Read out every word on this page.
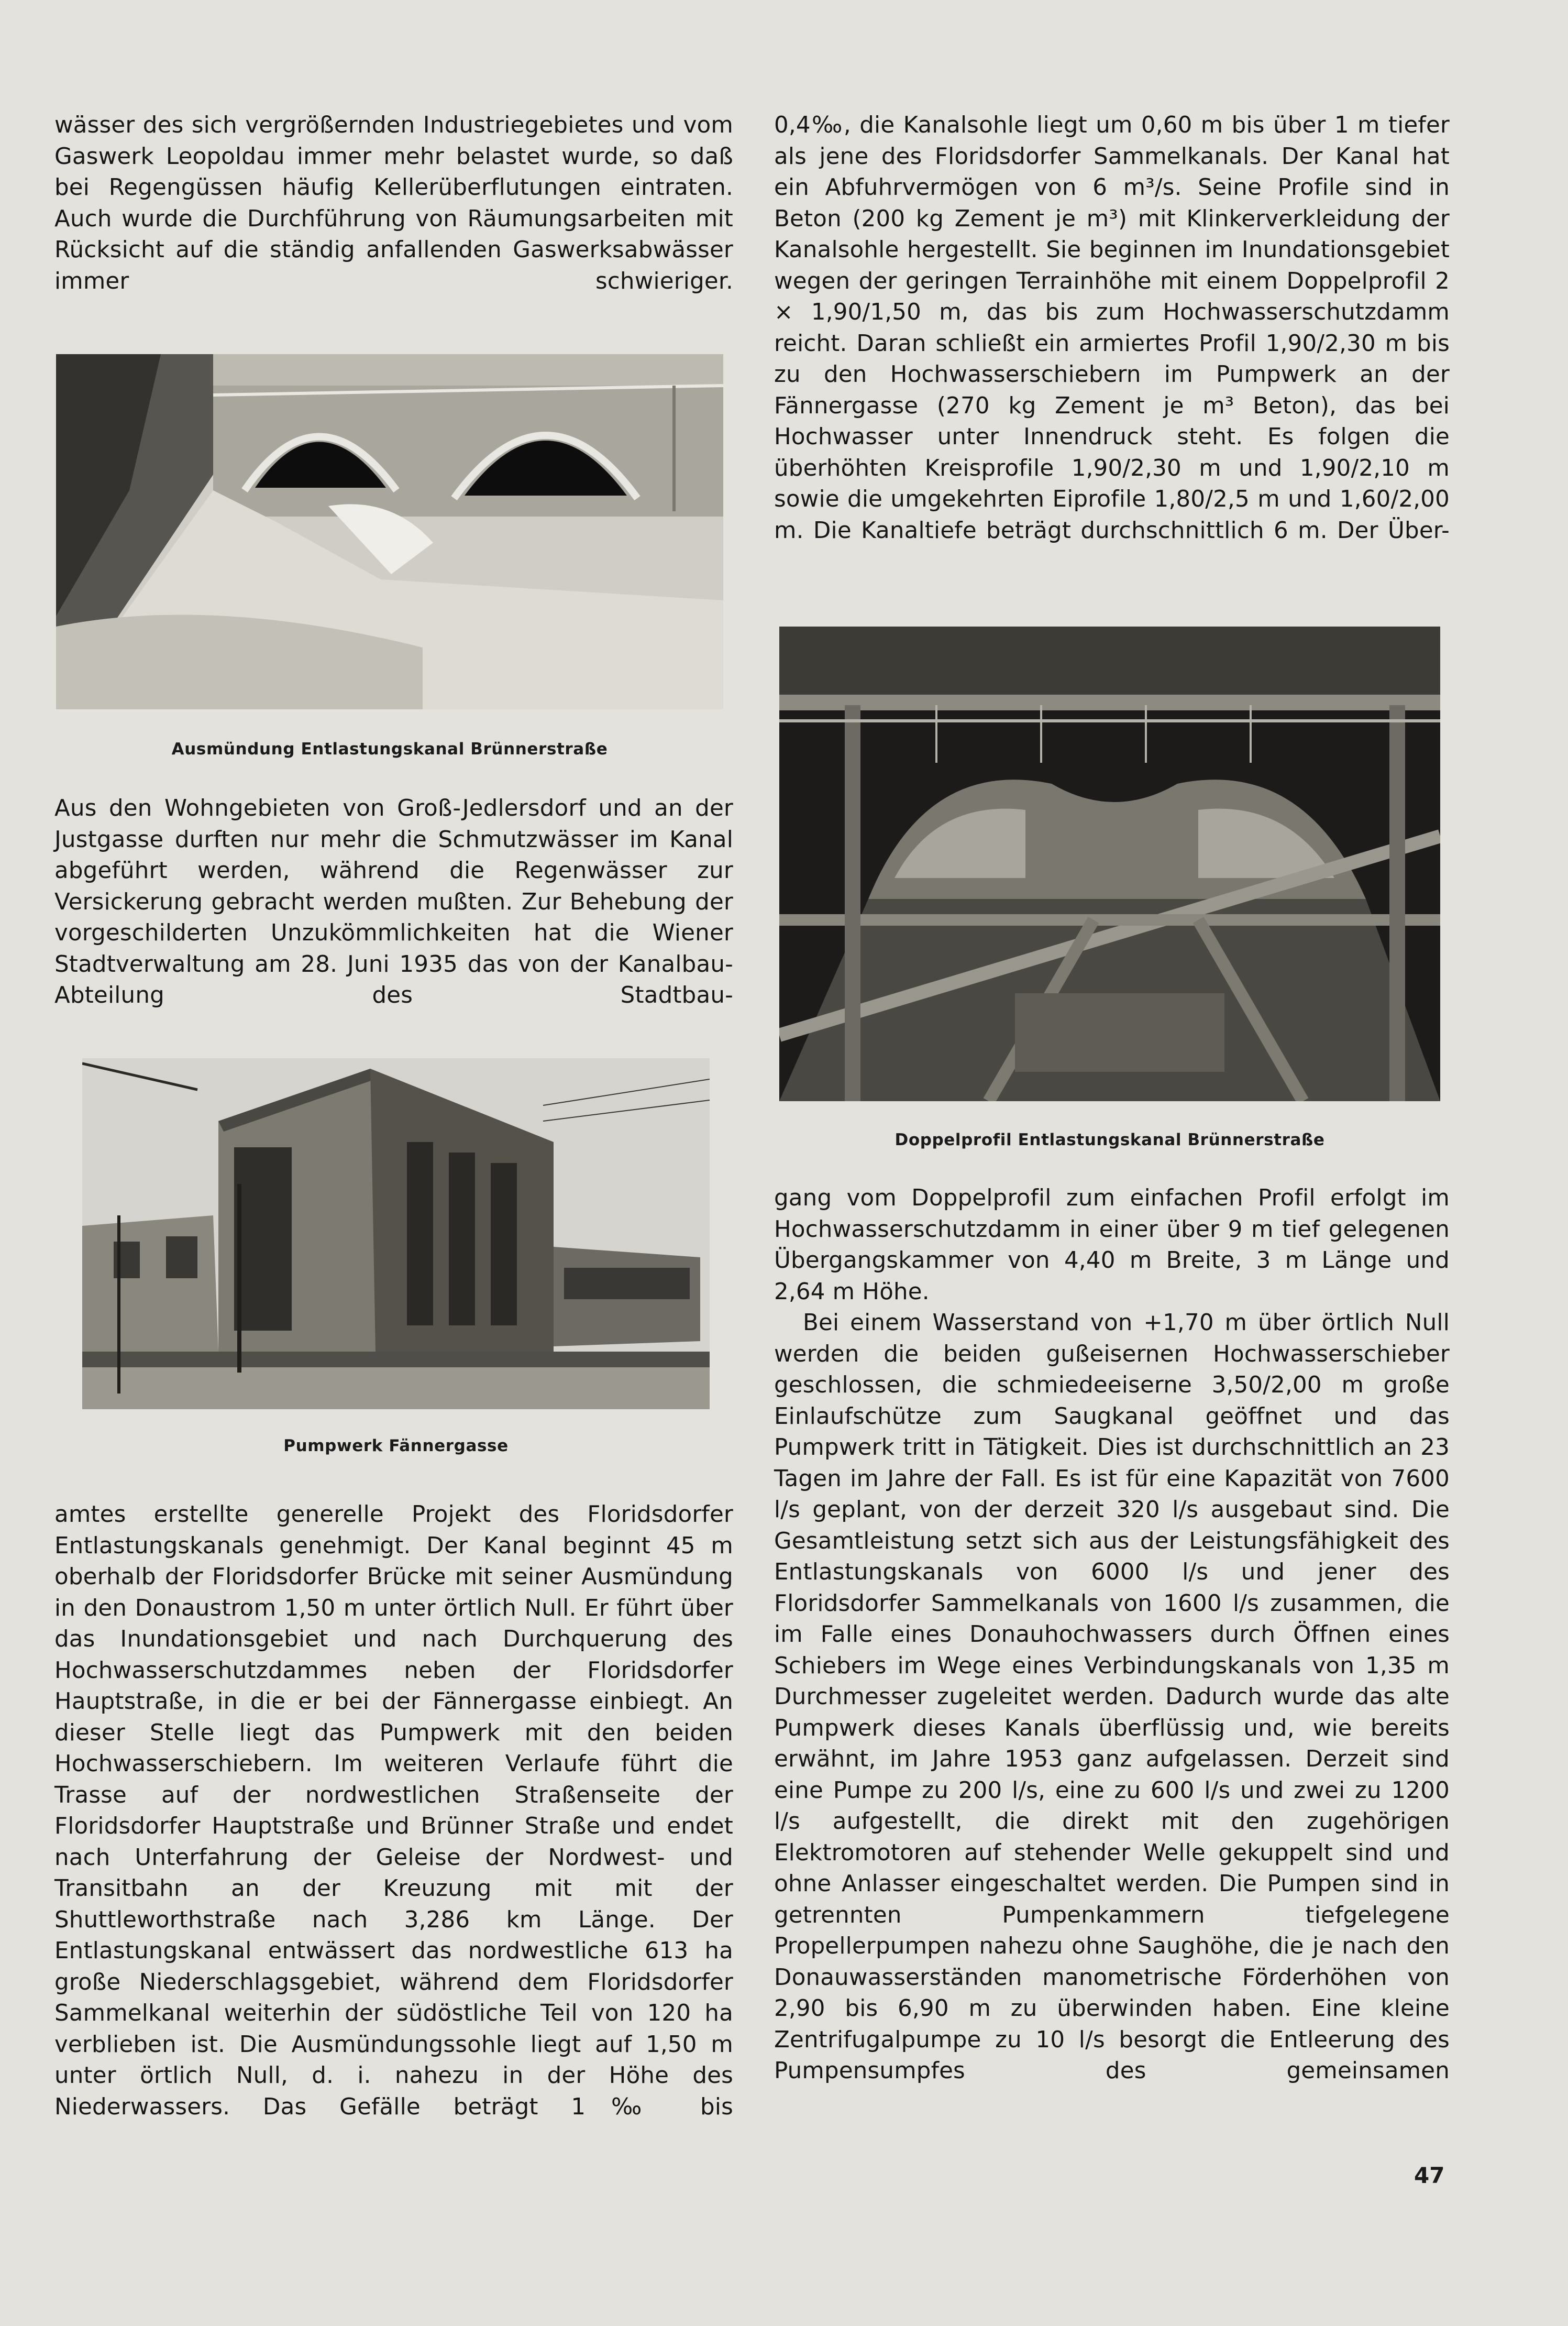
wässer des sich vergrößernden Industriegebietes und vom Gaswerk Leopoldau immer mehr belastet wurde, so daß bei Regengüssen häufig Kellerüberflutungen eintraten. Auch wurde die Durchführung von Räumungsarbeiten mit Rücksicht auf die ständig anfallenden Gaswerksabwässer immer schwieriger.

Ausmündung Entlastungskanal Brünnerstraße

Aus den Wohngebieten von Groß-Jedlersdorf und an der Justgasse durften nur mehr die Schmutzwässer im Kanal abgeführt werden, während die Regenwässer zur Versickerung gebracht werden mußten. Zur Behebung der vorgeschilderten Unzukömmlichkeiten hat die Wiener Stadtverwaltung am 28. Juni 1935 das von der Kanalbau-Abteilung des Stadtbau-

Pumpwerk Fännergasse

amtes erstellte generelle Projekt des Floridsdorfer Entlastungskanals genehmigt. Der Kanal beginnt 45 m oberhalb der Floridsdorfer Brücke mit seiner Ausmündung in den Donaustrom 1,50 m unter örtlich Null. Er führt über das Inundationsgebiet und nach Durchquerung des Hochwasserschutzdammes neben der Floridsdorfer Hauptstraße, in die er bei der Fännergasse einbiegt. An dieser Stelle liegt das Pumpwerk mit den beiden Hochwasserschiebern. Im weiteren Verlaufe führt die Trasse auf der nordwestlichen Straßenseite der Floridsdorfer Hauptstraße und Brünner Straße und endet nach Unterfahrung der Geleise der Nordwest- und Transitbahn an der Kreuzung mit mit der Shuttleworthstraße nach 3,286 km Länge. Der Entlastungskanal entwässert das nordwestliche 613 ha große Niederschlagsgebiet, während dem Floridsdorfer Sammelkanal weiterhin der südöstliche Teil von 120 ha verblieben ist. Die Ausmündungssohle liegt auf 1,50 m unter örtlich Null, d. i. nahezu in der Höhe des Niederwassers. Das Gefälle beträgt 1‰ bis

0,4‰, die Kanalsohle liegt um 0,60 m bis über 1 m tiefer als jene des Floridsdorfer Sammelkanals. Der Kanal hat ein Abfuhrvermögen von 6 m³/s. Seine Profile sind in Beton (200 kg Zement je m³) mit Klinkerverkleidung der Kanalsohle hergestellt. Sie beginnen im Inundationsgebiet wegen der geringen Terrainhöhe mit einem Doppelprofil 2 × 1,90/1,50 m, das bis zum Hochwasserschutzdamm reicht. Daran schließt ein armiertes Profil 1,90/2,30 m bis zu den Hochwasserschiebern im Pumpwerk an der Fännergasse (270 kg Zement je m³ Beton), das bei Hochwasser unter Innendruck steht. Es folgen die überhöhten Kreisprofile 1,90/2,30 m und 1,90/2,10 m sowie die umgekehrten Eiprofile 1,80/2,5 m und 1,60/2,00 m. Die Kanaltiefe beträgt durchschnittlich 6 m. Der Über-

Doppelprofil Entlastungskanal Brünnerstraße

gang vom Doppelprofil zum einfachen Profil erfolgt im Hochwasserschutzdamm in einer über 9 m tief gelegenen Übergangskammer von 4,40 m Breite, 3 m Länge und 2,64 m Höhe.

Bei einem Wasserstand von +1,70 m über örtlich Null werden die beiden gußeisernen Hochwasserschieber geschlossen, die schmiedeeiserne 3,50/2,00 m große Einlaufschütze zum Saugkanal geöffnet und das Pumpwerk tritt in Tätigkeit. Dies ist durchschnittlich an 23 Tagen im Jahre der Fall. Es ist für eine Kapazität von 7600 l/s geplant, von der derzeit 320 l/s ausgebaut sind. Die Gesamtleistung setzt sich aus der Leistungsfähigkeit des Entlastungskanals von 6000 l/s und jener des Floridsdorfer Sammelkanals von 1600 l/s zusammen, die im Falle eines Donauhochwassers durch Öffnen eines Schiebers im Wege eines Verbindungskanals von 1,35 m Durchmesser zugeleitet werden. Dadurch wurde das alte Pumpwerk dieses Kanals überflüssig und, wie bereits erwähnt, im Jahre 1953 ganz aufgelassen. Derzeit sind eine Pumpe zu 200 l/s, eine zu 600 l/s und zwei zu 1200 l/s aufgestellt, die direkt mit den zugehörigen Elektromotoren auf stehender Welle gekuppelt sind und ohne Anlasser eingeschaltet werden. Die Pumpen sind in getrennten Pumpenkammern tiefgelegene Propellerpumpen nahezu ohne Saughöhe, die je nach den Donauwasserständen manometrische Förderhöhen von 2,90 bis 6,90 m zu überwinden haben. Eine kleine Zentrifugalpumpe zu 10 l/s besorgt die Entleerung des Pumpensumpfes des gemeinsamen

47
